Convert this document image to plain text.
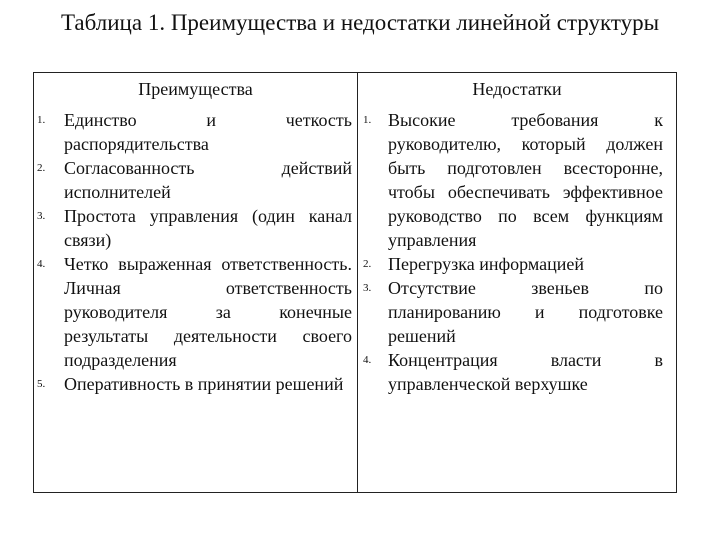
Таблица 1. Преимущества и недостатки линейной структуры
Преимущества
1.	Единство и четкость распорядительства
2.	Согласованность действий исполнителей
3.	Простота управления (один канал связи)
4.	Четко выраженная ответственность. Личная ответственность руководителя за конечные результаты деятельности своего подразделения
5.	Оперативность в принятии решений
Недостатки
1. Высокие требования к руководителю, который должен быть подготовлен всесторонне, чтобы обеспечивать эффективное руководство по всем функциям управления
2. Перегрузка информацией
3. Отсутствие звеньев по планированию и подготовке решений
4. Концентрация власти в управленческой верхушке
